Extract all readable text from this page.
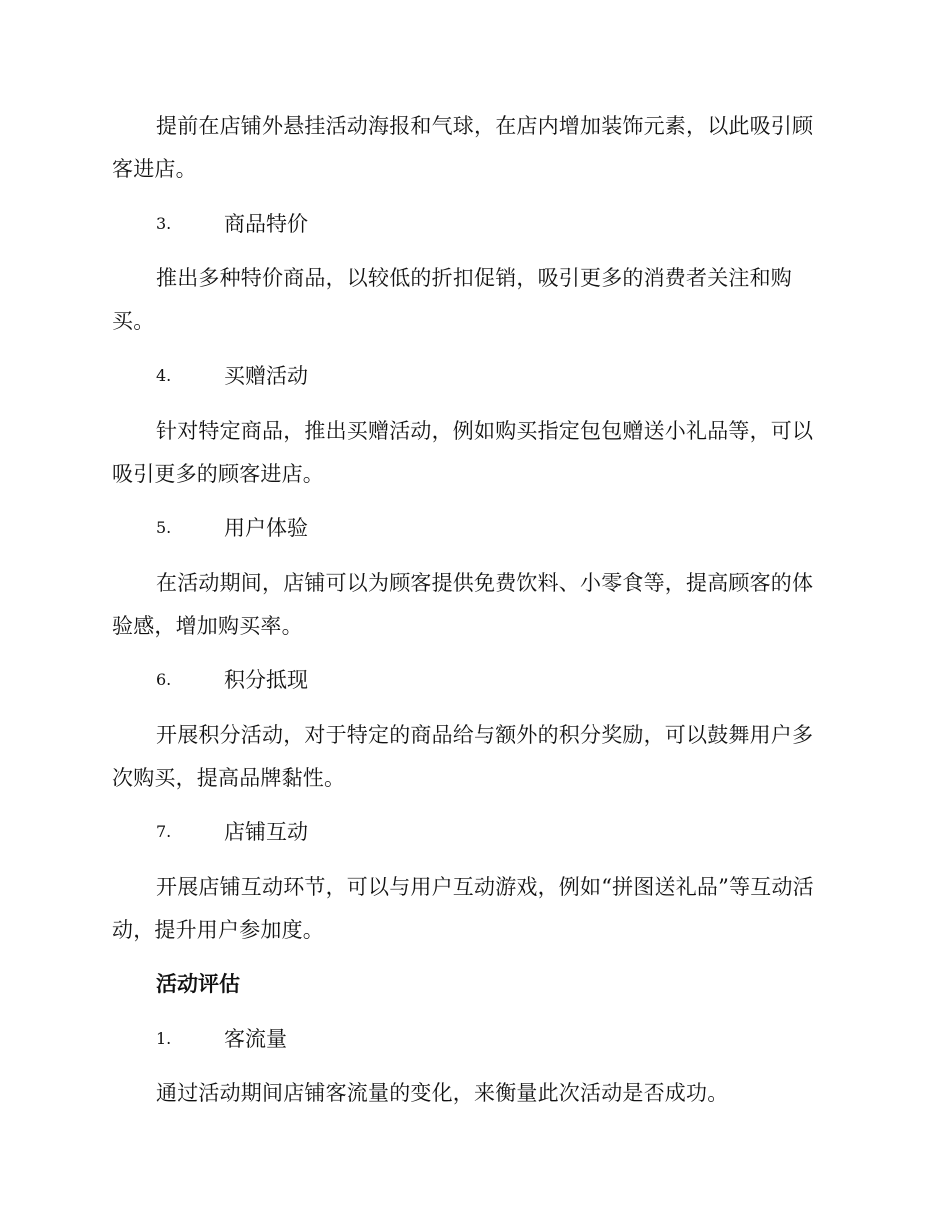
提前在店铺外悬挂活动海报和气球，在店内增加装饰元素，以此吸引顾客进店。

3.	商品特价

推出多种特价商品，以较低的折扣促销，吸引更多的消费者关注和购买。

4.	买赠活动

针对特定商品，推出买赠活动，例如购买指定包包赠送小礼品等，可以吸引更多的顾客进店。

5.	用户体验

在活动期间，店铺可以为顾客提供免费饮料、小零食等，提高顾客的体验感，增加购买率。

6.	积分抵现

开展积分活动，对于特定的商品给与额外的积分奖励，可以鼓舞用户多次购买，提高品牌黏性。

7.	店铺互动

开展店铺互动环节，可以与用户互动游戏，例如“拼图送礼品”等互动活动，提升用户参加度。

活动评估
1.	客流量

通过活动期间店铺客流量的变化，来衡量此次活动是否成功。
